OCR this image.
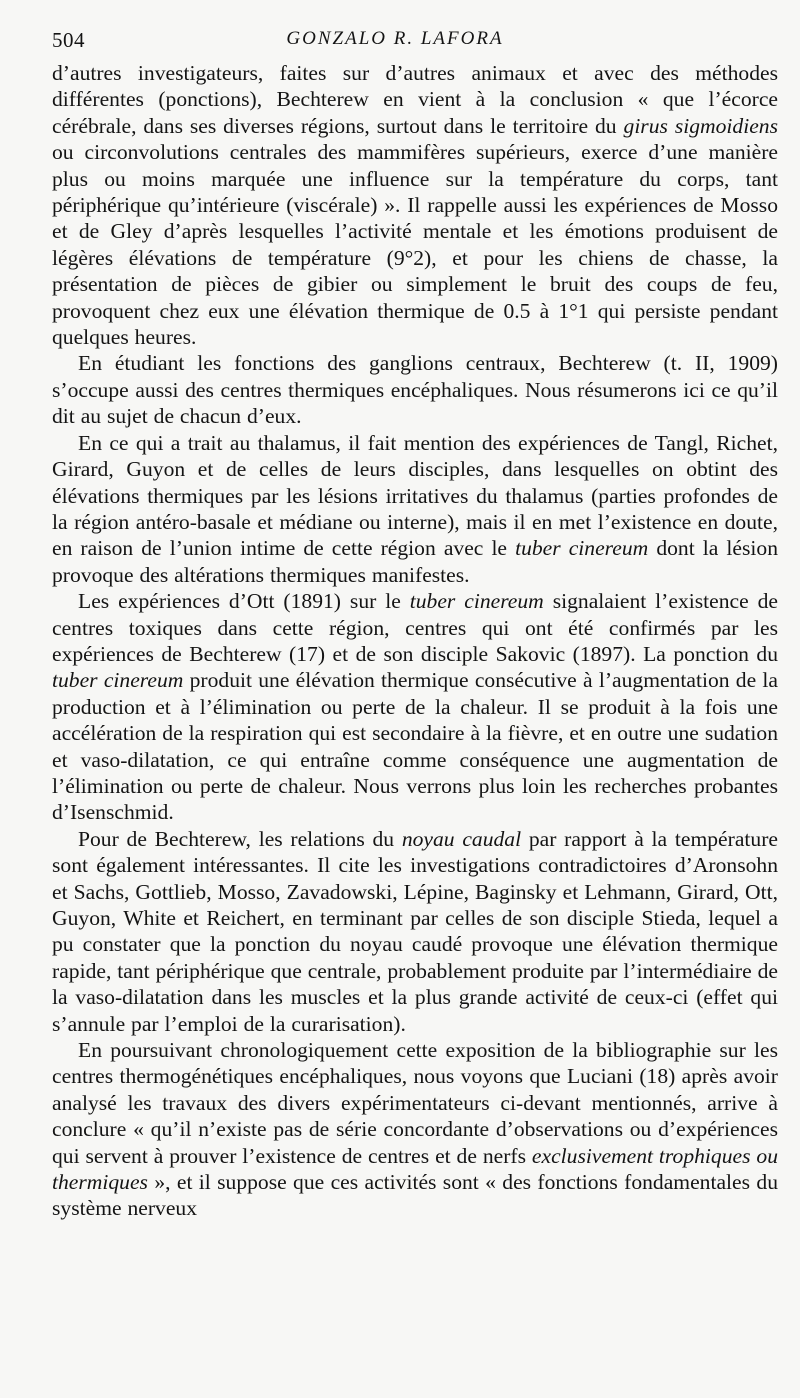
504	GONZALO R. LAFORA

d’autres investigateurs, faites sur d’autres animaux et avec des méthodes différentes (ponctions), Bechterew en vient à la conclusion « que l’écorce cérébrale, dans ses diverses régions, surtout dans le territoire du girus sigmoidiens ou circonvolutions centrales des mammifères supérieurs, exerce d’une manière plus ou moins marquée une influence sur la température du corps, tant périphérique qu’intérieure (viscérale) ». Il rappelle aussi les expériences de Mosso et de Gley d’après lesquelles l’activité mentale et les émotions produisent de légères élévations de température (9°2), et pour les chiens de chasse, la présentation de pièces de gibier ou simplement le bruit des coups de feu, provoquent chez eux une élévation thermique de 0.5 à 1°1 qui persiste pendant quelques heures.

En étudiant les fonctions des ganglions centraux, Bechterew (t. II, 1909) s’occupe aussi des centres thermiques encéphaliques. Nous résumerons ici ce qu’il dit au sujet de chacun d’eux.

En ce qui a trait au thalamus, il fait mention des expériences de Tangl, Richet, Girard, Guyon et de celles de leurs disciples, dans lesquelles on obtint des élévations thermiques par les lésions irritatives du thalamus (parties profondes de la région antéro-basale et médiane ou interne), mais il en met l’existence en doute, en raison de l’union intime de cette région avec le tuber cinereum dont la lésion provoque des altérations thermiques manifestes.

Les expériences d’Ott (1891) sur le tuber cinereum signalaient l’existence de centres toxiques dans cette région, centres qui ont été confirmés par les expériences de Bechterew (17) et de son disciple Sakovic (1897). La ponction du tuber cinereum produit une élévation thermique consécutive à l’augmentation de la production et à l’élimination ou perte de la chaleur. Il se produit à la fois une accélération de la respiration qui est secondaire à la fièvre, et en outre une sudation et vaso-dilatation, ce qui entraîne comme conséquence une augmentation de l’élimination ou perte de chaleur. Nous verrons plus loin les recherches probantes d’Isenschmid.

Pour de Bechterew, les relations du noyau caudal par rapport à la température sont également intéressantes. Il cite les investigations contradictoires d’Aronsohn et Sachs, Gottlieb, Mosso, Zavadowski, Lépine, Baginsky et Lehmann, Girard, Ott, Guyon, White et Reichert, en terminant par celles de son disciple Stieda, lequel a pu constater que la ponction du noyau caudé provoque une élévation thermique rapide, tant périphérique que centrale, probablement produite par l’intermédiaire de la vaso-dilatation dans les muscles et la plus grande activité de ceux-ci (effet qui s’annule par l’emploi de la curarisation).

En poursuivant chronologiquement cette exposition de la bibliographie sur les centres thermogénétiques encéphaliques, nous voyons que Luciani (18) après avoir analysé les travaux des divers expérimentateurs ci-devant mentionnés, arrive à conclure « qu’il n’existe pas de série concordante d’observations ou d’expériences qui servent à prouver l’existence de centres et de nerfs exclusivement trophiques ou thermiques », et il suppose que ces activités sont « des fonctions fondamentales du système nerveux
